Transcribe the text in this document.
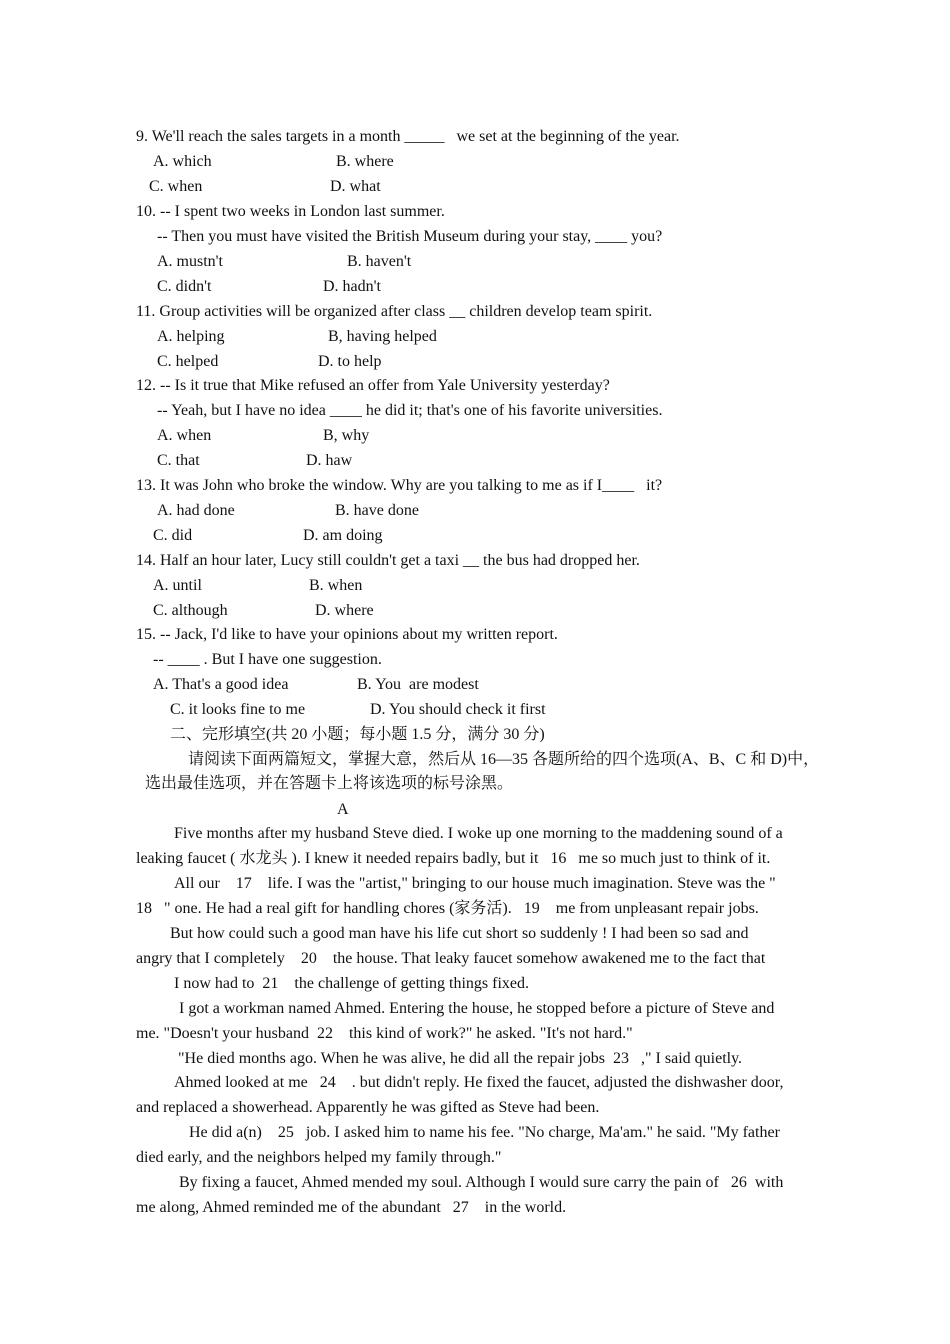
9. We'll reach the sales targets in a month _____   we set at the beginning of the year.
A. which	B. where
C. when	D. what
10. -- I spent two weeks in London last summer.
-- Then you must have visited the British Museum during your stay, ____ you?
A. mustn't	B. haven't
C. didn't	D. hadn't
11. Group activities will be organized after class __ children develop team spirit.
A. helping	B, having helped
C. helped	D. to help
12. -- Is it true that Mike refused an offer from Yale University yesterday?
-- Yeah, but I have no idea ____ he did it; that's one of his favorite universities.
A. when	B, why
C. that	D. haw
13. It was John who broke the window. Why are you talking to me as if I____   it?
A. had done	B. have done
C. did	D. am doing
14. Half an hour later, Lucy still couldn't get a taxi __ the bus had dropped her.
A. until	B. when
C. although	D. where
15. -- Jack, I'd like to have your opinions about my written report.
-- ____ . But I have one suggestion.
A. That's a good idea	B. You  are modest
C. it looks fine to me	D. You should check it first
二、完形填空(共 20 小题；每小题 1.5 分，满分 30 分)
请阅读下面两篇短文，掌握大意，然后从 16—35 各题所给的四个选项(A、B、C 和 D)中，
选出最佳选项，并在答题卡上将该选项的标号涂黑。
A
Five months after my husband Steve died. I woke up one morning to the maddening sound of a
leaking faucet ( 水龙头 ). I knew it needed repairs badly, but it   16   me so much just to think of it.
All our    17    life. I was the "artist," bringing to our house much imagination. Steve was the "
18   " one. He had a real gift for handling chores (家务活).   19    me from unpleasant repair jobs.
But how could such a good man have his life cut short so suddenly ! I had been so sad and
angry that I completely    20    the house. That leaky faucet somehow awakened me to the fact that
I now had to  21    the challenge of getting things fixed.
I got a workman named Ahmed. Entering the house, he stopped before a picture of Steve and
me. "Doesn't your husband  22    this kind of work?" he asked. "It's not hard."
"He died months ago. When he was alive, he did all the repair jobs  23   ," I said quietly.
Ahmed looked at me   24    . but didn't reply. He fixed the faucet, adjusted the dishwasher door,
and replaced a showerhead. Apparently he was gifted as Steve had been.
He did a(n)    25   job. I asked him to name his fee. "No charge, Ma'am." he said. "My father
died early, and the neighbors helped my family through."
By fixing a faucet, Ahmed mended my soul. Although I would sure carry the pain of   26  with
me along, Ahmed reminded me of the abundant   27    in the world.
